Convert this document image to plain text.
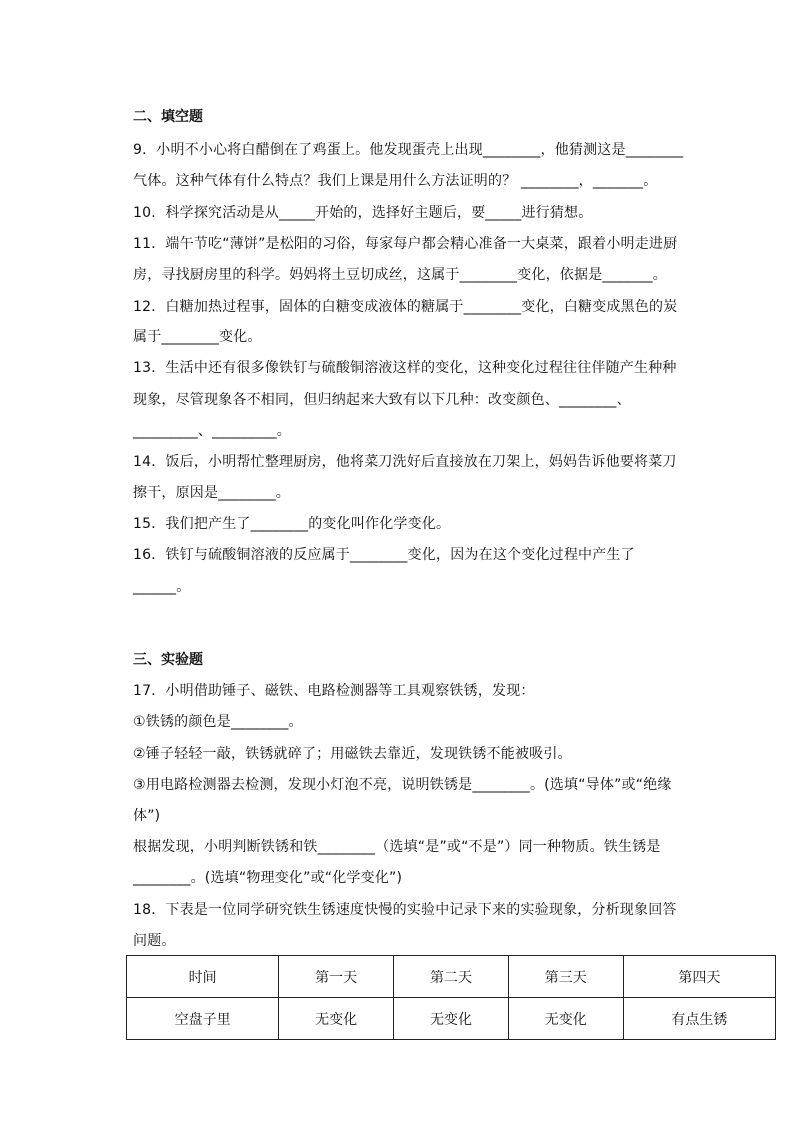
二、填空题
9．小明不小心将白醋倒在了鸡蛋上。他发现蛋壳上出现________，他猜测这是________
气体。这种气体有什么特点？我们上课是用什么方法证明的？ ________，_______。
10．科学探究活动是从_____开始的，选择好主题后，要_____进行猜想。
11．端午节吃“薄饼”是松阳的习俗，每家每户都会精心准备一大桌菜，跟着小明走进厨
房，寻找厨房里的科学。妈妈将土豆切成丝，这属于________变化，依据是_______。
12．白糖加热过程事，固体的白糖变成液体的糖属于________变化，白糖变成黑色的炭
属于________变化。
13．生活中还有很多像铁钉与硫酸铜溶液这样的变化，这种变化过程往往伴随产生种种
现象，尽管现象各不相同，但归纳起来大致有以下几种：改变颜色、________、
_________、_________。
14．饭后，小明帮忙整理厨房，他将菜刀洗好后直接放在刀架上，妈妈告诉他要将菜刀
擦干，原因是________。
15．我们把产生了________的变化叫作化学变化。
16．铁钉与硫酸铜溶液的反应属于________变化，因为在这个变化过程中产生了
______。
三、实验题
17．小明借助锤子、磁铁、电路检测器等工具观察铁锈，发现：
①铁锈的颜色是________。
②锤子轻轻一敲，铁锈就碎了；用磁铁去靠近，发现铁锈不能被吸引。
③用电路检测器去检测，发现小灯泡不亮，说明铁锈是________。(选填“导体”或“绝缘
体”)
根据发现，小明判断铁锈和铁________（选填“是”或“不是”）同一种物质。铁生锈是
________。(选填“物理变化”或“化学变化”)
18．下表是一位同学研究铁生锈速度快慢的实验中记录下来的实验现象，分析现象回答
问题。
时间	第一天	第二天	第三天	第四天
空盘子里	无变化	无变化	无变化	有点生锈
